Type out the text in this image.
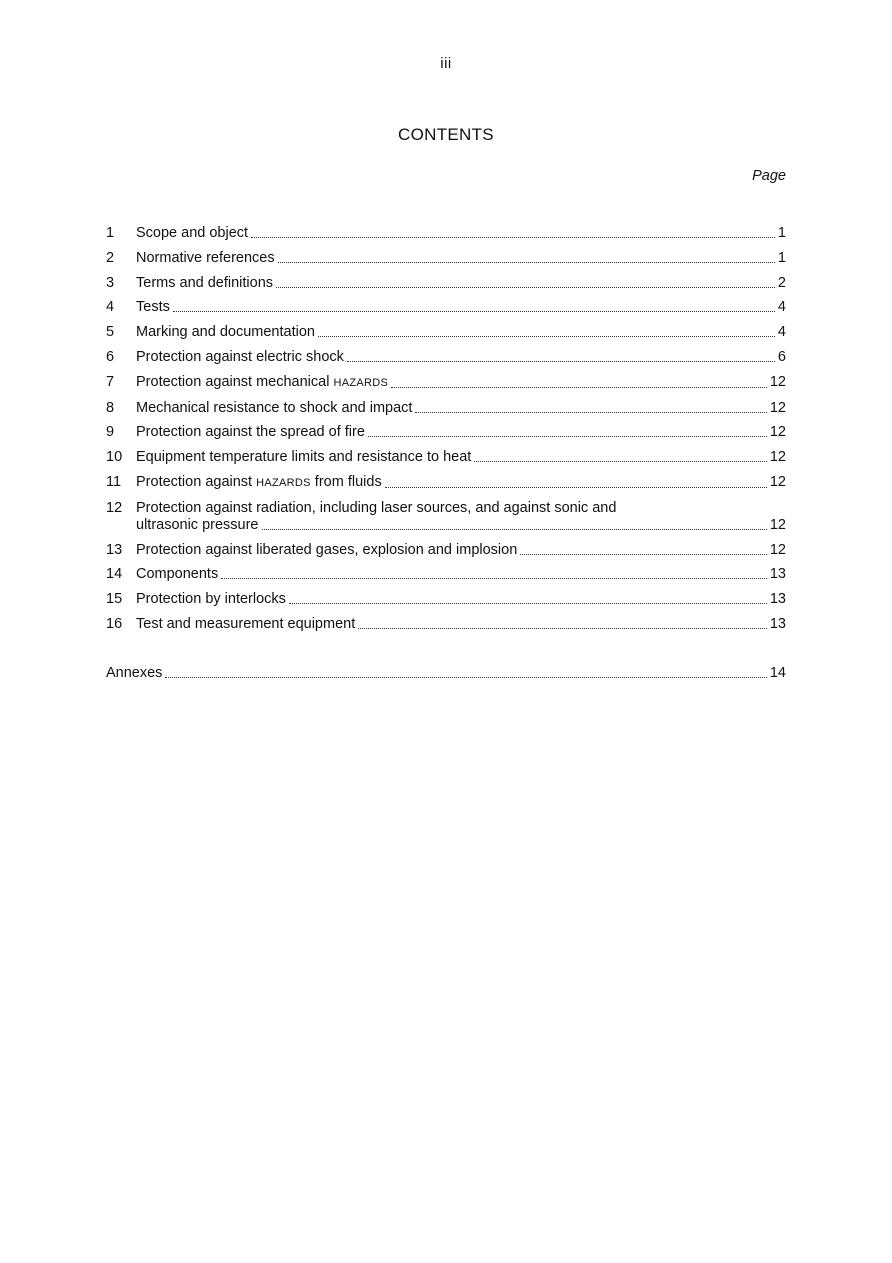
iii
CONTENTS
Page
1	Scope and object	1
2	Normative references	1
3	Terms and definitions	2
4	Tests	4
5	Marking and documentation	4
6	Protection against electric shock	6
7	Protection against mechanical HAZARDS	12
8	Mechanical resistance to shock and impact	12
9	Protection against the spread of fire	12
10 Equipment temperature limits and resistance to heat	12
11	Protection against HAZARDS from fluids	12
12 Protection against radiation, including laser sources, and against sonic and
ultrasonic pressure	12
13 Protection against liberated gases, explosion and implosion	12
14 Components	13
15 Protection by interlocks	13
16 Test and measurement equipment	13
Annexes	14
